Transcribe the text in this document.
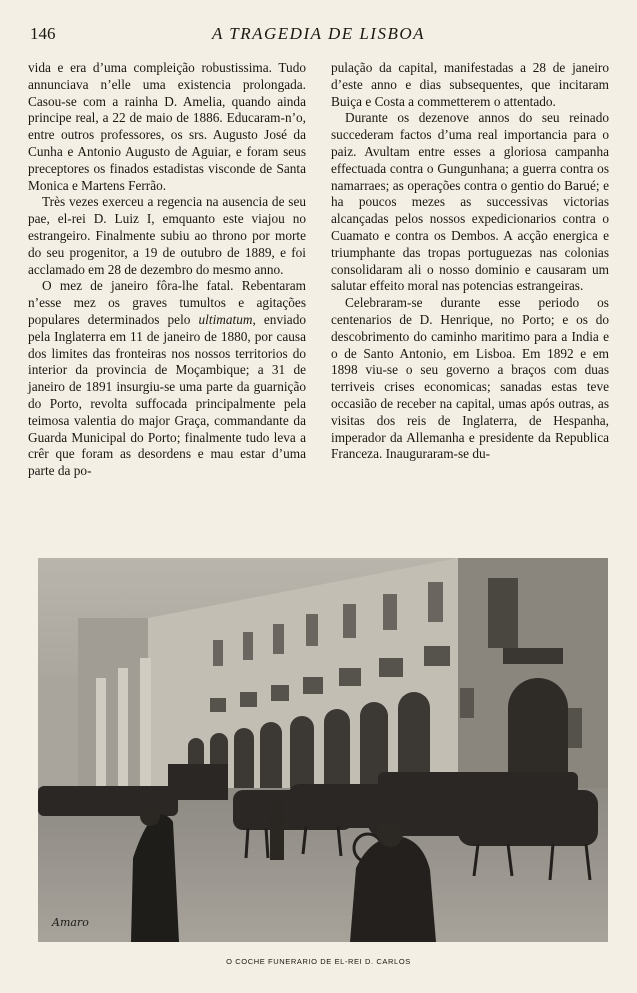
146	A TRAGEDIA DE LISBOA

vida e era d’uma compleição robustissima. Tudo annunciava n’elle uma existencia prolongada. Casou-se com a rainha D. Amelia, quando ainda principe real, a 22 de maio de 1886. Educaram-n’o, entre outros professores, os srs. Augusto José da Cunha e Antonio Augusto de Aguiar, e foram seus preceptores os finados estadistas visconde de Santa Monica e Martens Ferrão.

Très vezes exerceu a regencia na ausencia de seu pae, el-rei D. Luiz I, emquanto este viajou no estrangeiro. Finalmente subiu ao throno por morte do seu progenitor, a 19 de outubro de 1889, e foi acclamado em 28 de dezembro do mesmo anno.

O mez de janeiro fôra-lhe fatal. Rebentaram n’esse mez os graves tumultos e agitações populares determinados pelo ultimatum, enviado pela Inglaterra em 11 de janeiro de 1880, por causa dos limites das fronteiras nos nossos territorios do interior da provincia de Moçambique; a 31 de janeiro de 1891 insurgiu-se uma parte da guarnição do Porto, revolta suffocada principalmente pela teimosa valentia do major Graça, commandante da Guarda Municipal do Porto; finalmente tudo leva a crêr que foram as desordens e mau estar d’uma parte da po-

pulação da capital, manifestadas a 28 de janeiro d’este anno e dias subsequentes, que incitaram Buiça e Costa a commetterem o attentado.

Durante os dezenove annos do seu reinado succederam factos d’uma real importancia para o paiz. Avultam entre esses a gloriosa campanha effectuada contra o Gungunhana; a guerra contra os namarraes; as operações contra o gentio do Barué; e ha poucos mezes as successivas victorias alcançadas pelos nossos expedicionarios contra o Cuamato e contra os Dembos. A acção energica e triumphante das tropas portuguezas nas colonias consolidaram ali o nosso dominio e causaram um salutar effeito moral nas potencias estrangeiras.

Celebraram-se durante esse periodo os centenarios de D. Henrique, no Porto; e os do descobrimento do caminho maritimo para a India e o de Santo Antonio, em Lisboa. Em 1892 e em 1898 viu-se o seu governo a braços com duas terriveis crises economicas; sanadas estas teve occasião de receber na capital, umas após outras, as visitas dos reis de Inglaterra, de Hespanha, imperador da Allemanha e presidente da Republica Franceza. Inauguraram-se du-

Amaro
O COCHE FUNERARIO DE EL-REI D. CARLOS
